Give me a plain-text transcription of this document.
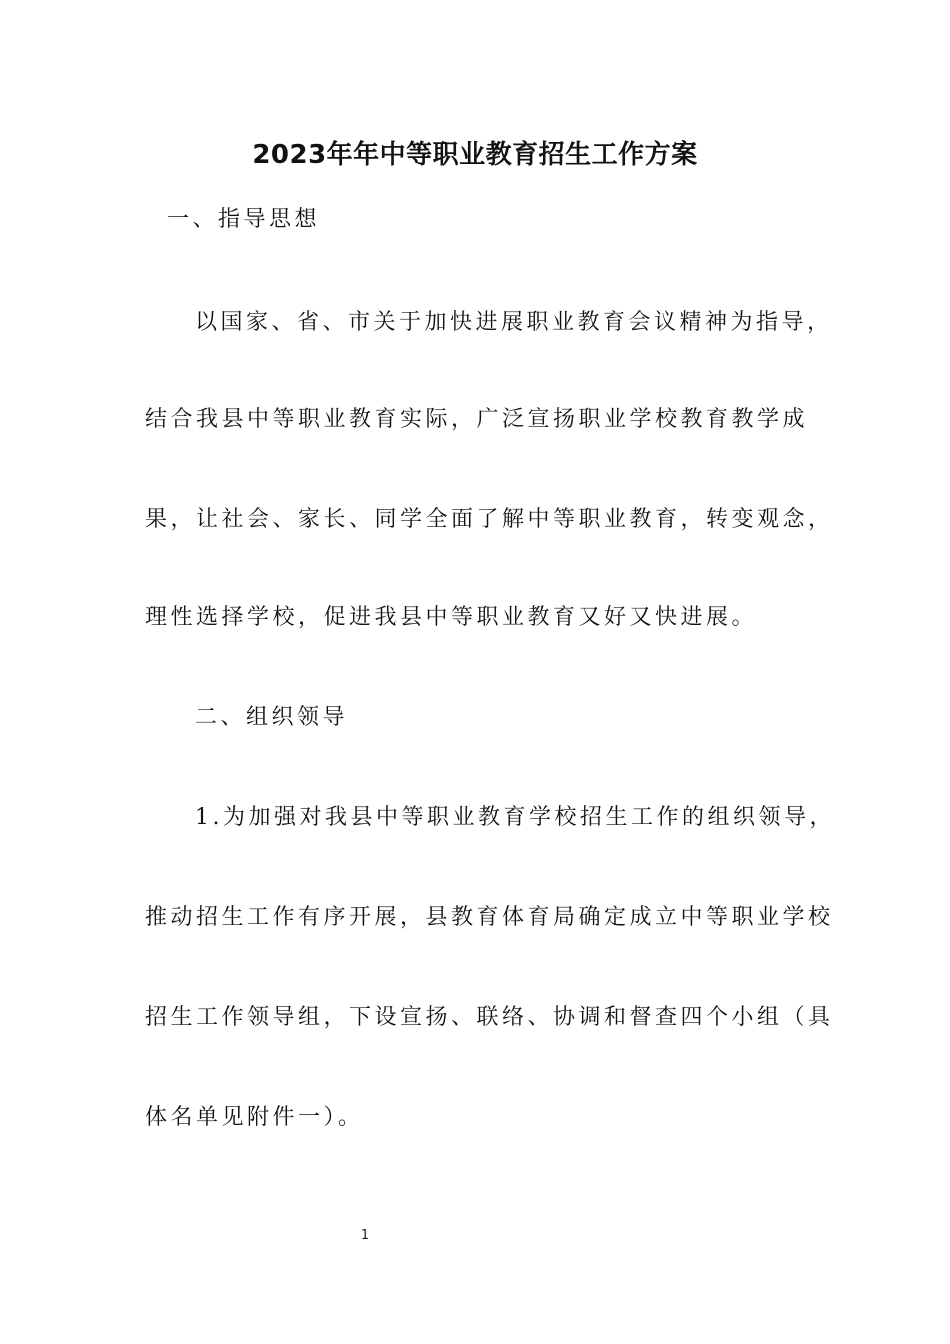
2023年年中等职业教育招生工作方案

一、指导思想

以国家、省、市关于加快进展职业教育会议精神为指导，

结合我县中等职业教育实际，广泛宣扬职业学校教育教学成

果，让社会、家长、同学全面了解中等职业教育，转变观念，

理性选择学校，促进我县中等职业教育又好又快进展。

二、组织领导

1.为加强对我县中等职业教育学校招生工作的组织领导，

推动招生工作有序开展，县教育体育局确定成立中等职业学校

招生工作领导组，下设宣扬、联络、协调和督查四个小组（具

体名单见附件一）。

1
